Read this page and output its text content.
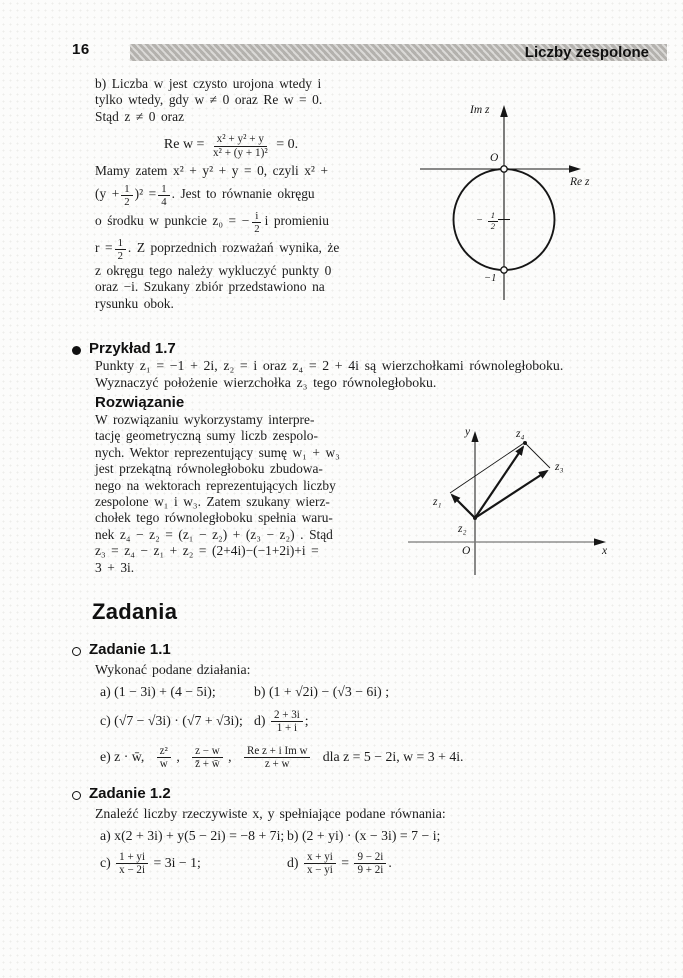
16	Liczby zespolone
b) Liczba w jest czysto urojona wtedy i
tylko wtedy, gdy w ≠ 0 oraz Re w = 0.
Stąd z ≠ 0 oraz
Re $w = \frac{\text{x² + y² + y}}{\text{x² + (y + 1)²}} = 0$.
Mamy zatem x² + y² + y = 0, czyli x² +
$(y + \frac{1}{2} )^2 = \frac{1}{4}$ . Jest to równanie okręgu
o środku w punkcie z₀ = − $\frac{i}{2}$ i promieniu
$r = \frac{1}{2}$ . Z poprzednich rozważań wynika, że
z okręgu tego należy wykluczyć punkty 0
oraz −i. Szukany zbiór przedstawiono na
rysunku obok.
Im z
Re z
O
− $\frac{1}{2}$
−1
Przykład 1.7
Punkty z₁ = −1 + 2i, z₂ = i oraz z₄ = 2 + 4i są wierzchołkami równoległoboku.
Wyznaczyć położenie wierzchołka z₃ tego równoległoboku.
Rozwiązanie
W rozwiązaniu wykorzystamy interpre-
tację geometryczną sumy liczb zespolo-
nych. Wektor reprezentujący sumę w₁ + w₃
jest przekątną równoległoboku zbudowa-
nego na wektorach reprezentujących liczby
zespolone w₁ i w₃. Zatem szukany wierz-
chołek tego równoległoboku spełnia waru-
nek z₄ − z₂ = (z₁ − z₂) + (z₃ − z₂) . Stąd
z₃ = z₄ − z₁ + z₂ = (2+4i)−(−1+2i)+i =
3 + 3i.
y
x
O
z₁
z₂
z₃
z₄
Zadania
Zadanie 1.1
Wykonać podane działania:
a) (1 − 3i) + (4 − 5i);	b) (1 + √2i) − (√3 − 6i) ;
c) (√7 − √3i) · (√7 + √3i); $d) \frac{2 + 3i}{1 + i}$ ;
e) z · w̄, $\frac{\text{z²}}{w}$ , $\frac{z - w}{z̄ + w̄}$ , $\frac{\text{Re z + i Im w}}{z + w}$ dla z = 5 − 2i, w = 3 + 4i.
Zadanie 1.2
Znaleźć liczby rzeczywiste x, y spełniające podane równania:
a) x(2 + 3i) + y(5 − 2i) = −8 + 7i; b) (2 + yi) · (x − 3i) = 7 − i;
$c) \frac{1 + yi}{x - 2i} = 3i - 1$;	$d) \frac{x + yi}{x - yi} = \frac{9 - 2i}{9 + 2i}$ .
